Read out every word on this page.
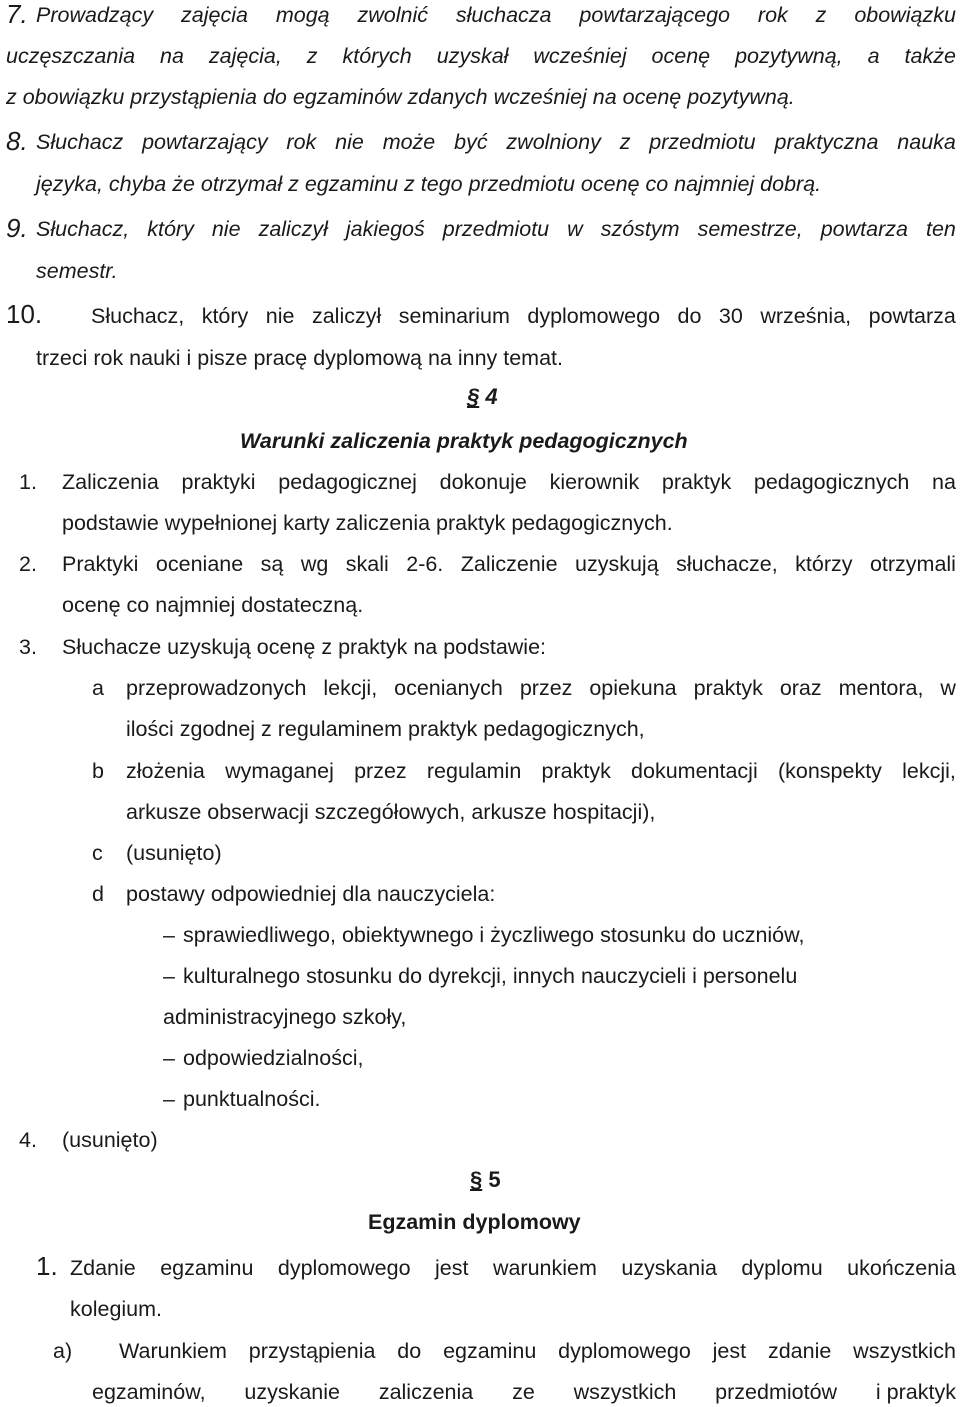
7. Prowadzący zajęcia mogą zwolnić słuchacza powtarzającego rok z obowiązku
uczęszczania na zajęcia, z których uzyskał wcześniej ocenę pozytywną, a także
z obowiązku przystąpienia do egzaminów zdanych wcześniej na ocenę pozytywną.
8. Słuchacz powtarzający rok nie może być zwolniony z przedmiotu praktyczna nauka
języka, chyba że otrzymał z egzaminu z tego przedmiotu ocenę co najmniej dobrą.
9. Słuchacz, który nie zaliczył jakiegoś przedmiotu w szóstym semestrze, powtarza ten
semestr.
10. Słuchacz, który nie zaliczył seminarium dyplomowego do 30 września, powtarza
trzeci rok nauki i pisze pracę dyplomową na inny temat.
§ 4
Warunki zaliczenia praktyk pedagogicznych
1. Zaliczenia praktyki pedagogicznej dokonuje kierownik praktyk pedagogicznych na
podstawie wypełnionej karty zaliczenia praktyk pedagogicznych.
2. Praktyki oceniane są wg skali 2-6. Zaliczenie uzyskują słuchacze, którzy otrzymali
ocenę co najmniej dostateczną.
3. Słuchacze uzyskują ocenę z praktyk na podstawie:
a przeprowadzonych lekcji, ocenianych przez opiekuna praktyk oraz mentora, w
ilości zgodnej z regulaminem praktyk pedagogicznych,
b złożenia wymaganej przez regulamin praktyk dokumentacji (konspekty lekcji,
arkusze obserwacji szczegółowych, arkusze hospitacji),
c (usunięto)
d postawy odpowiedniej dla nauczyciela:
– sprawiedliwego, obiektywnego i życzliwego stosunku do uczniów,
– kulturalnego stosunku do dyrekcji, innych nauczycieli i personelu
administracyjnego szkoły,
– odpowiedzialności,
– punktualności.
4. (usunięto)
§ 5
Egzamin dyplomowy
1. Zdanie egzaminu dyplomowego jest warunkiem uzyskania dyplomu ukończenia
kolegium.
a) Warunkiem przystąpienia do egzaminu dyplomowego jest zdanie wszystkich
egzaminów, uzyskanie zaliczenia ze wszystkich przedmiotów i praktyk
